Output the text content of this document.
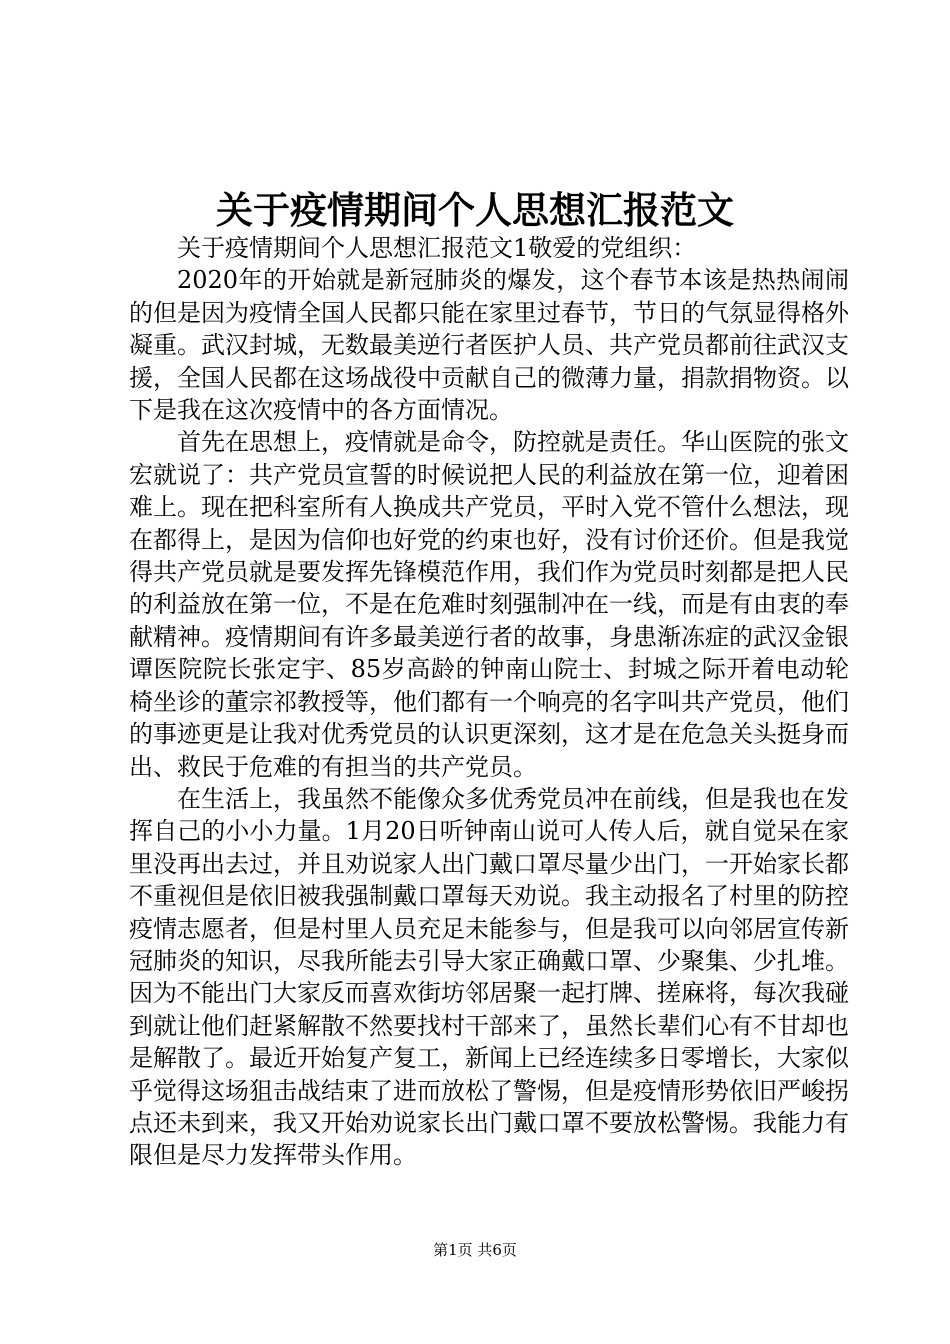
关于疫情期间个人思想汇报范文

关于疫情期间个人思想汇报范文1敬爱的党组织：

2020年的开始就是新冠肺炎的爆发，这个春节本该是热热闹闹的但是因为疫情全国人民都只能在家里过春节，节日的气氛显得格外凝重。武汉封城，无数最美逆行者医护人员、共产党员都前往武汉支援，全国人民都在这场战役中贡献自己的微薄力量，捐款捐物资。以下是我在这次疫情中的各方面情况。

首先在思想上，疫情就是命令，防控就是责任。华山医院的张文宏就说了：共产党员宣誓的时候说把人民的利益放在第一位，迎着困难上。现在把科室所有人换成共产党员，平时入党不管什么想法，现在都得上，是因为信仰也好党的约束也好，没有讨价还价。但是我觉得共产党员就是要发挥先锋模范作用，我们作为党员时刻都是把人民的利益放在第一位，不是在危难时刻强制冲在一线，而是有由衷的奉献精神。疫情期间有许多最美逆行者的故事，身患渐冻症的武汉金银谭医院院长张定宇、85岁高龄的钟南山院士、封城之际开着电动轮椅坐诊的董宗祁教授等，他们都有一个响亮的名字叫共产党员，他们的事迹更是让我对优秀党员的认识更深刻，这才是在危急关头挺身而出、救民于危难的有担当的共产党员。

在生活上，我虽然不能像众多优秀党员冲在前线，但是我也在发挥自己的小小力量。1月20日听钟南山说可人传人后，就自觉呆在家里没再出去过，并且劝说家人出门戴口罩尽量少出门，一开始家长都不重视但是依旧被我强制戴口罩每天劝说。我主动报名了村里的防控疫情志愿者，但是村里人员充足未能参与，但是我可以向邻居宣传新冠肺炎的知识，尽我所能去引导大家正确戴口罩、少聚集、少扎堆。因为不能出门大家反而喜欢街坊邻居聚一起打牌、搓麻将，每次我碰到就让他们赶紧解散不然要找村干部来了，虽然长辈们心有不甘却也是解散了。最近开始复产复工，新闻上已经连续多日零增长，大家似乎觉得这场狙击战结束了进而放松了警惕，但是疫情形势依旧严峻拐点还未到来，我又开始劝说家长出门戴口罩不要放松警惕。我能力有限但是尽力发挥带头作用。

第1页 共6页
